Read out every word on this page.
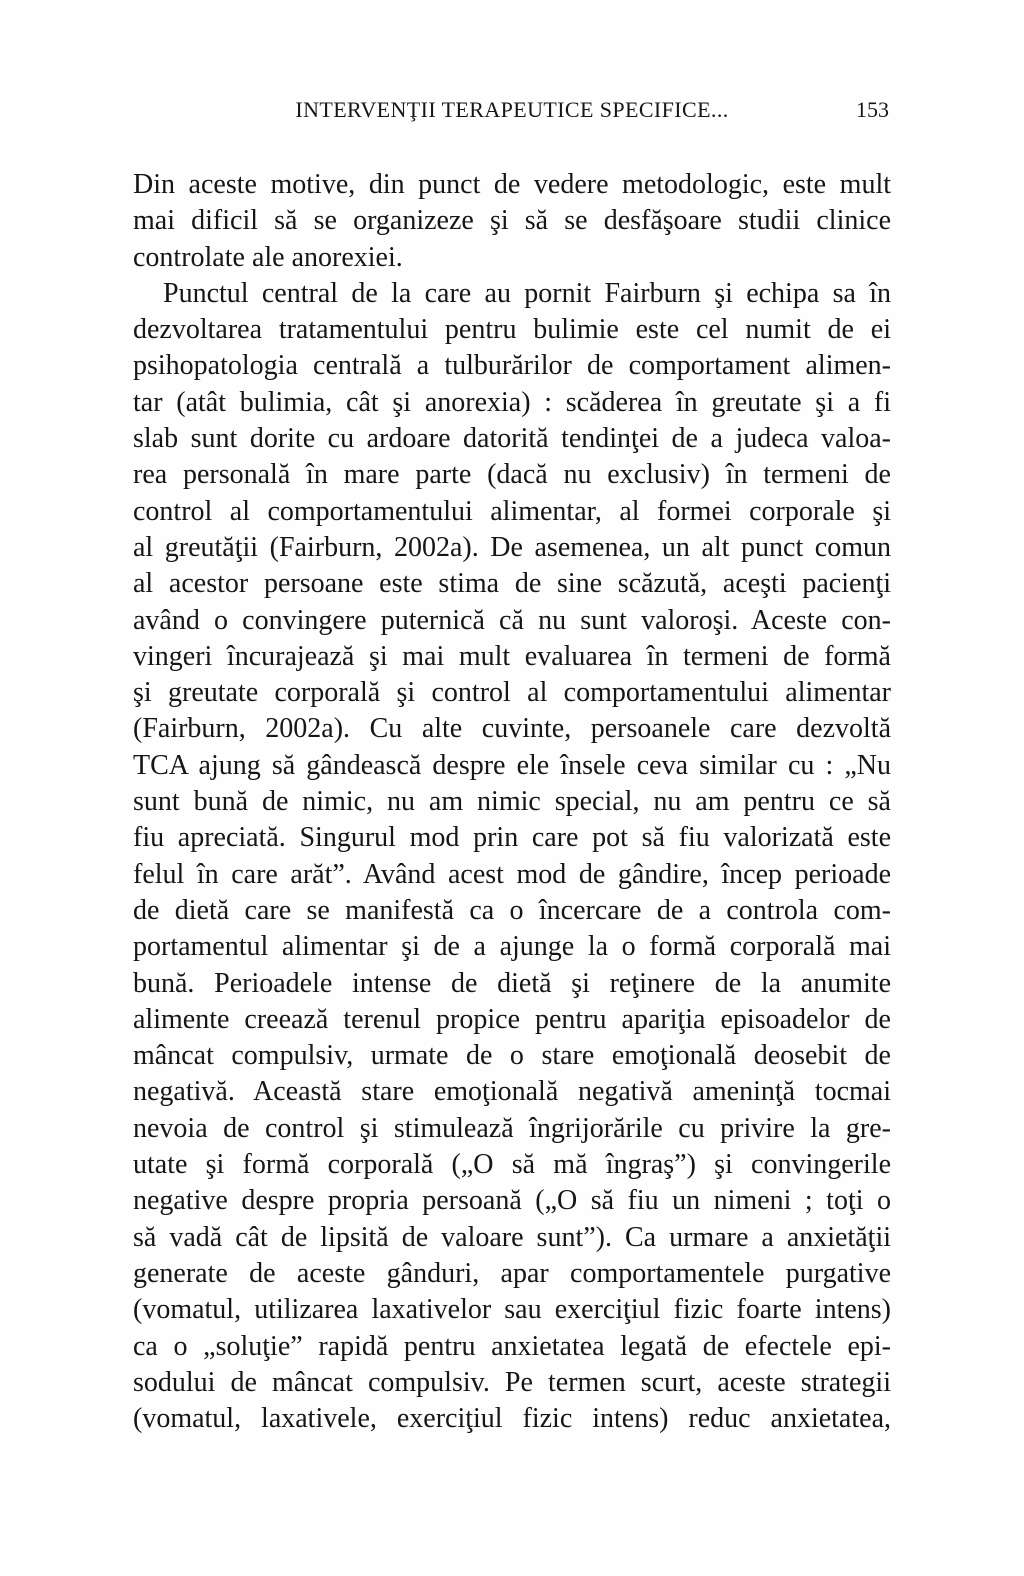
INTERVENŢII TERAPEUTICE SPECIFICE...	153
Din aceste motive, din punct de vedere metodologic, este mult
mai dificil să se organizeze şi să se desfăşoare studii clinice
controlate ale anorexiei.
Punctul central de la care au pornit Fairburn şi echipa sa în
dezvoltarea tratamentului pentru bulimie este cel numit de ei
psihopatologia centrală a tulburărilor de comportament alimen-
tar (atât bulimia, cât şi anorexia) : scăderea în greutate şi a fi
slab sunt dorite cu ardoare datorită tendinţei de a judeca valoa-
rea personală în mare parte (dacă nu exclusiv) în termeni de
control al comportamentului alimentar, al formei corporale şi
al greutăţii (Fairburn, 2002a). De asemenea, un alt punct comun
al acestor persoane este stima de sine scăzută, aceşti pacienţi
având o convingere puternică că nu sunt valoroşi. Aceste con-
vingeri încurajează şi mai mult evaluarea în termeni de formă
şi greutate corporală şi control al comportamentului alimentar
(Fairburn, 2002a). Cu alte cuvinte, persoanele care dezvoltă
TCA ajung să gândească despre ele însele ceva similar cu : „Nu
sunt bună de nimic, nu am nimic special, nu am pentru ce să
fiu apreciată. Singurul mod prin care pot să fiu valorizată este
felul în care arăt”. Având acest mod de gândire, încep perioade
de dietă care se manifestă ca o încercare de a controla com-
portamentul alimentar şi de a ajunge la o formă corporală mai
bună. Perioadele intense de dietă şi reţinere de la anumite
alimente creează terenul propice pentru apariţia episoadelor de
mâncat compulsiv, urmate de o stare emoţională deosebit de
negativă. Această stare emoţională negativă ameninţă tocmai
nevoia de control şi stimulează îngrijorările cu privire la gre-
utate şi formă corporală („O să mă îngraş”) şi convingerile
negative despre propria persoană („O să fiu un nimeni ; toţi o
să vadă cât de lipsită de valoare sunt”). Ca urmare a anxietăţii
generate de aceste gânduri, apar comportamentele purgative
(vomatul, utilizarea laxativelor sau exerciţiul fizic foarte intens)
ca o „soluţie” rapidă pentru anxietatea legată de efectele epi-
sodului de mâncat compulsiv. Pe termen scurt, aceste strategii
(vomatul, laxativele, exerciţiul fizic intens) reduc anxietatea,
